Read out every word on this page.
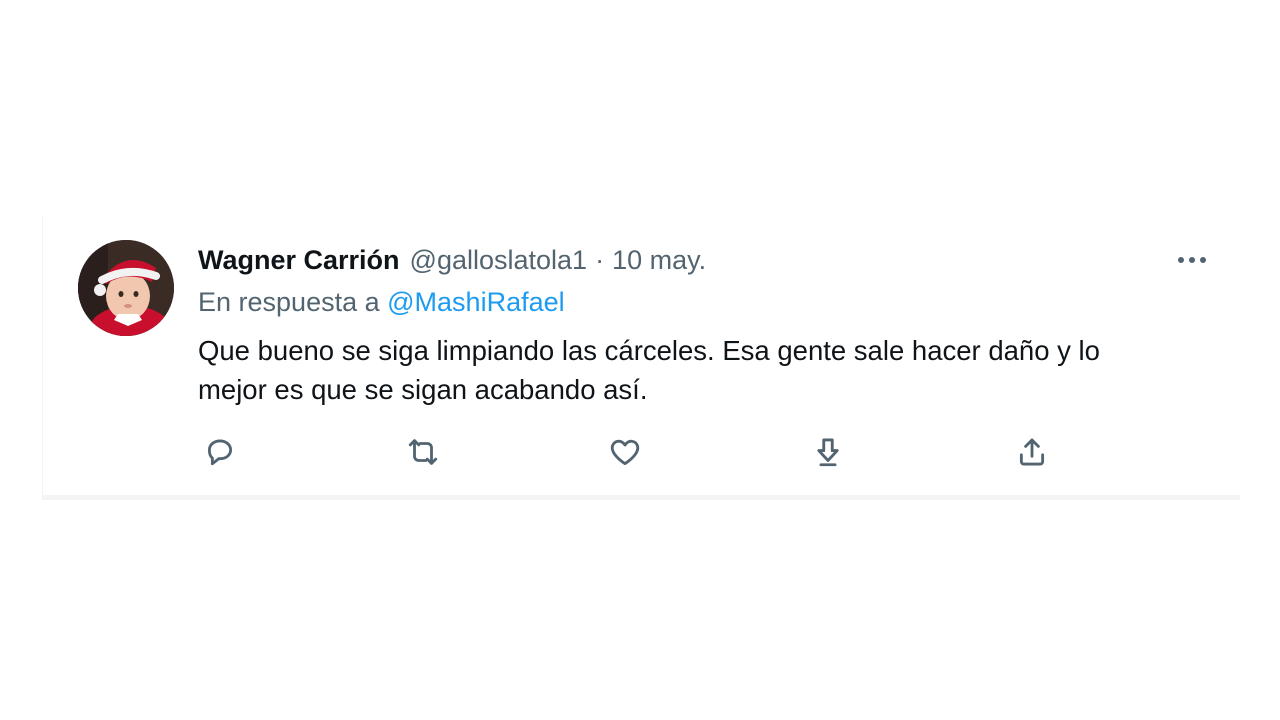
Wagner Carrión @galloslatola1 · 10 may.
En respuesta a @MashiRafael
Que bueno se siga limpiando las cárceles. Esa gente sale hacer daño y lo
mejor es que se sigan acabando así.
